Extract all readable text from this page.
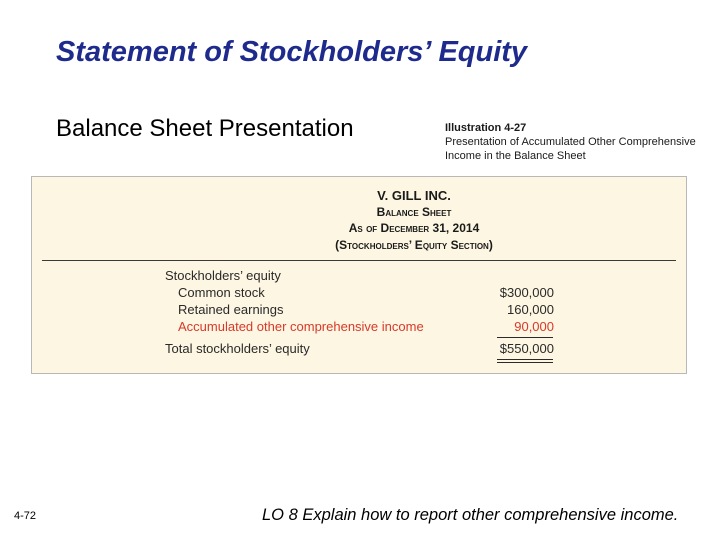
Statement of Stockholders’ Equity
Balance Sheet Presentation	Illustration 4-27
Presentation of Accumulated Other Comprehensive Income in the Balance Sheet
V. GILL INC.
Balance Sheet
As of December 31, 2014
(Stockholders’ Equity Section)
Stockholders’ equity
Common stock	$300,000
Retained earnings	160,000
Accumulated other comprehensive income	90,000
Total stockholders’ equity	$550,000
4-72	LO 8 Explain how to report other comprehensive income.
